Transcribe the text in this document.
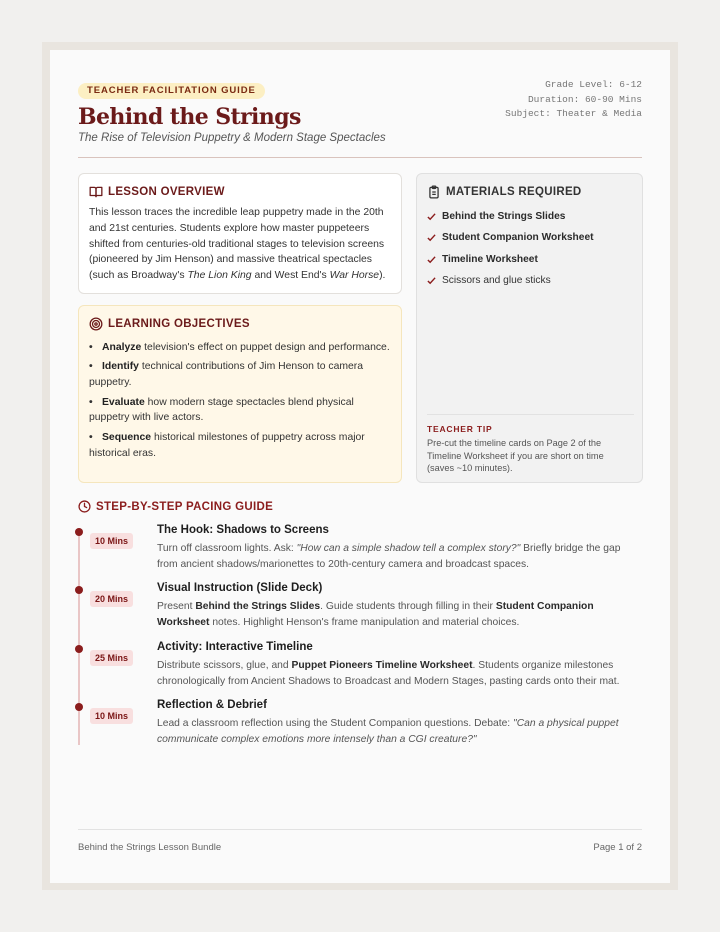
TEACHER FACILITATION GUIDE
Behind the Strings
The Rise of Television Puppetry & Modern Stage Spectacles
Grade Level: 6-12
Duration: 60-90 Mins
Subject: Theater & Media
LESSON OVERVIEW

This lesson traces the incredible leap puppetry made in the 20th and 21st centuries. Students explore how master puppeteers shifted from centuries-old traditional stages to television screens (pioneered by Jim Henson) and massive theatrical spectacles (such as Broadway's The Lion King and West End's War Horse).

LEARNING OBJECTIVES
• Analyze television's effect on puppet design and performance.
• Identify technical contributions of Jim Henson to camera puppetry.
• Evaluate how modern stage spectacles blend physical puppetry with live actors.
• Sequence historical milestones of puppetry across major historical eras.
MATERIALS REQUIRED
Behind the Strings Slides
Student Companion Worksheet
Timeline Worksheet
Scissors and glue sticks
TEACHER TIP
Pre-cut the timeline cards on Page 2 of the Timeline Worksheet if you are short on time (saves ~10 minutes).
STEP-BY-STEP PACING GUIDE
10 Mins
The Hook: Shadows to Screens

Turn off classroom lights. Ask: "How can a simple shadow tell a complex story?" Briefly bridge the gap from ancient shadows/marionettes to 20th-century camera and broadcast spaces.

20 Mins
Visual Instruction (Slide Deck)

Present Behind the Strings Slides. Guide students through filling in their Student Companion Worksheet notes. Highlight Henson's frame manipulation and material choices.

25 Mins
Activity: Interactive Timeline

Distribute scissors, glue, and Puppet Pioneers Timeline Worksheet. Students organize milestones chronologically from Ancient Shadows to Broadcast and Modern Stages, pasting cards onto their mat.

10 Mins
Reflection & Debrief

Lead a classroom reflection using the Student Companion questions. Debate: "Can a physical puppet communicate complex emotions more intensely than a CGI creature?"

Behind the Strings Lesson Bundle	Page 1 of 2
